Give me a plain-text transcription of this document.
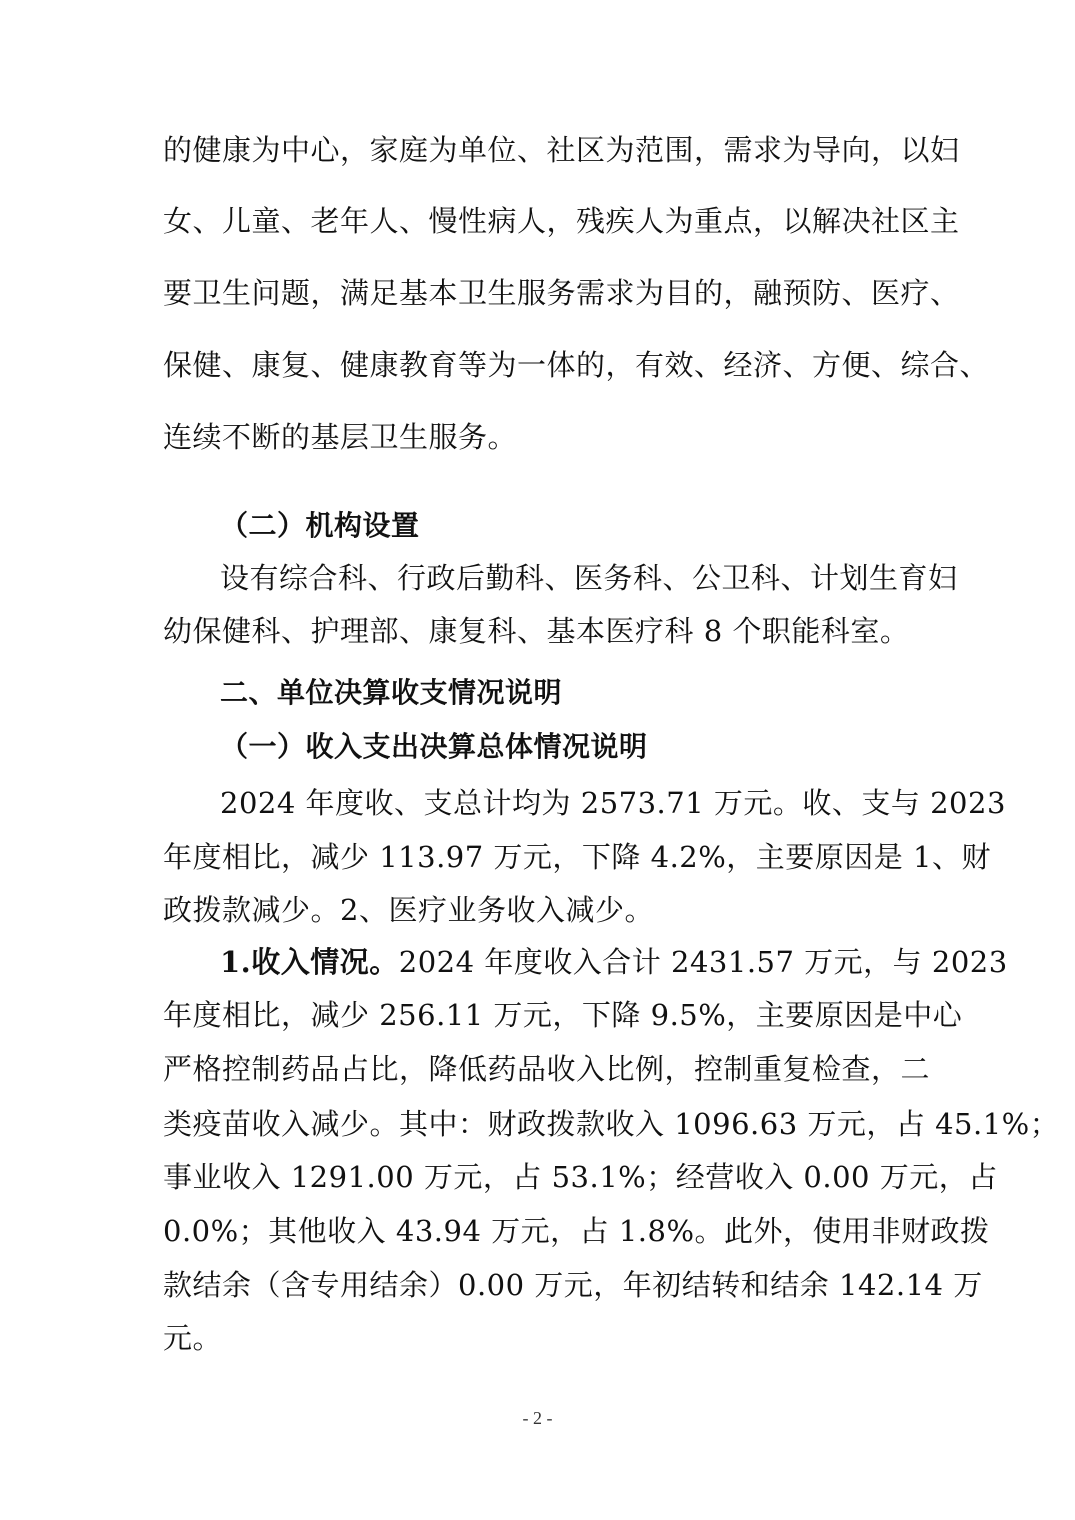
的健康为中心，家庭为单位、社区为范围，需求为导向，以妇
女、儿童、老年人、慢性病人，残疾人为重点，以解决社区主
要卫生问题，满足基本卫生服务需求为目的，融预防、医疗、
保健、康复、健康教育等为一体的，有效、经济、方便、综合、
连续不断的基层卫生服务。
（二）机构设置
设有综合科、行政后勤科、医务科、公卫科、计划生育妇
幼保健科、护理部、康复科、基本医疗科 8 个职能科室。
二、单位决算收支情况说明
（一）收入支出决算总体情况说明
2024 年度收、支总计均为 2573.71 万元。收、支与 2023
年度相比，减少 113.97 万元，下降 4.2%，主要原因是 1、财
政拨款减少。2、医疗业务收入减少。
1.收入情况。2024 年度收入合计 2431.57 万元，与 2023
年度相比，减少 256.11 万元，下降 9.5%，主要原因是中心
严格控制药品占比，降低药品收入比例，控制重复检查，二
类疫苗收入减少。其中：财政拨款收入 1096.63 万元，占 45.1%；
事业收入 1291.00 万元，占 53.1%；经营收入 0.00 万元，占
0.0%；其他收入 43.94 万元，占 1.8%。此外，使用非财政拨
款结余（含专用结余）0.00 万元，年初结转和结余 142.14 万
元。
- 2 -
